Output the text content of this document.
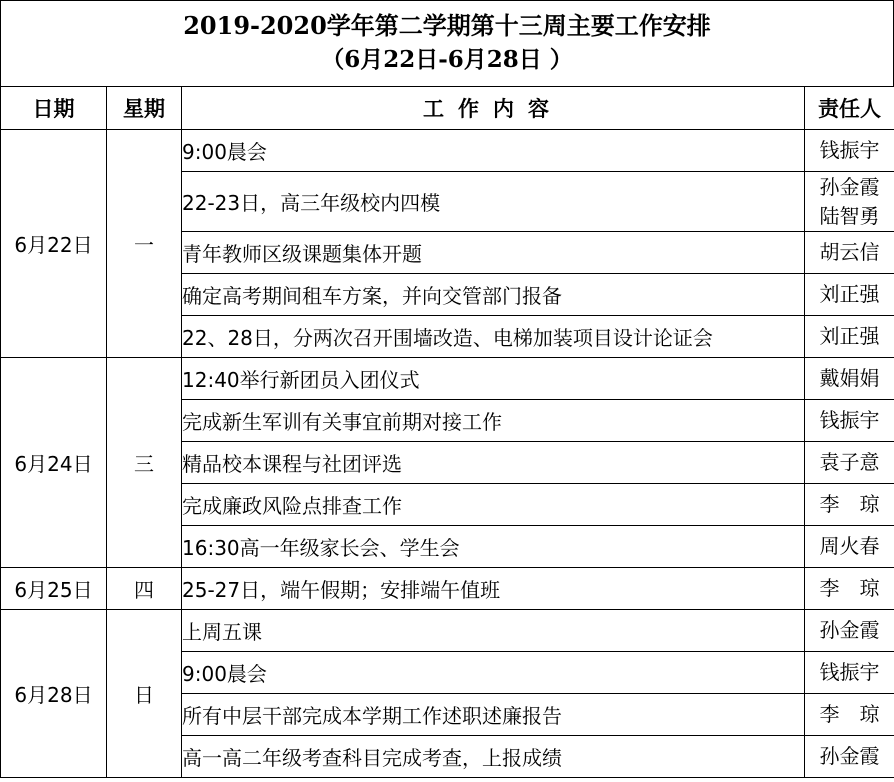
2019-2020学年第二学期第十三周主要工作安排
（6月22日-6月28日 ）
日期	星期	工作内容	责任人
6月22日	一	9:00晨会	钱振宇

		22-23日，高三年级校内四模	孙金霞
陆智勇

		青年教师区级课题集体开题	胡云信

		确定高考期间租车方案，并向交管部门报备	刘正强

		22、28日，分两次召开围墙改造、电梯加装项目设计论证会	刘正强

6月24日	三	12:40举行新团员入团仪式	戴娟娟

		完成新生军训有关事宜前期对接工作	钱振宇

		精品校本课程与社团评选	袁子意

		完成廉政风险点排查工作	李　琼

		16:30高一年级家长会、学生会	周火春

6月25日	四	25-27日，端午假期；安排端午值班	李　琼

6月28日	日	上周五课	孙金霞

		9:00晨会	钱振宇

		所有中层干部完成本学期工作述职述廉报告	李　琼

		高一高二年级考查科目完成考查，上报成绩	孙金霞
